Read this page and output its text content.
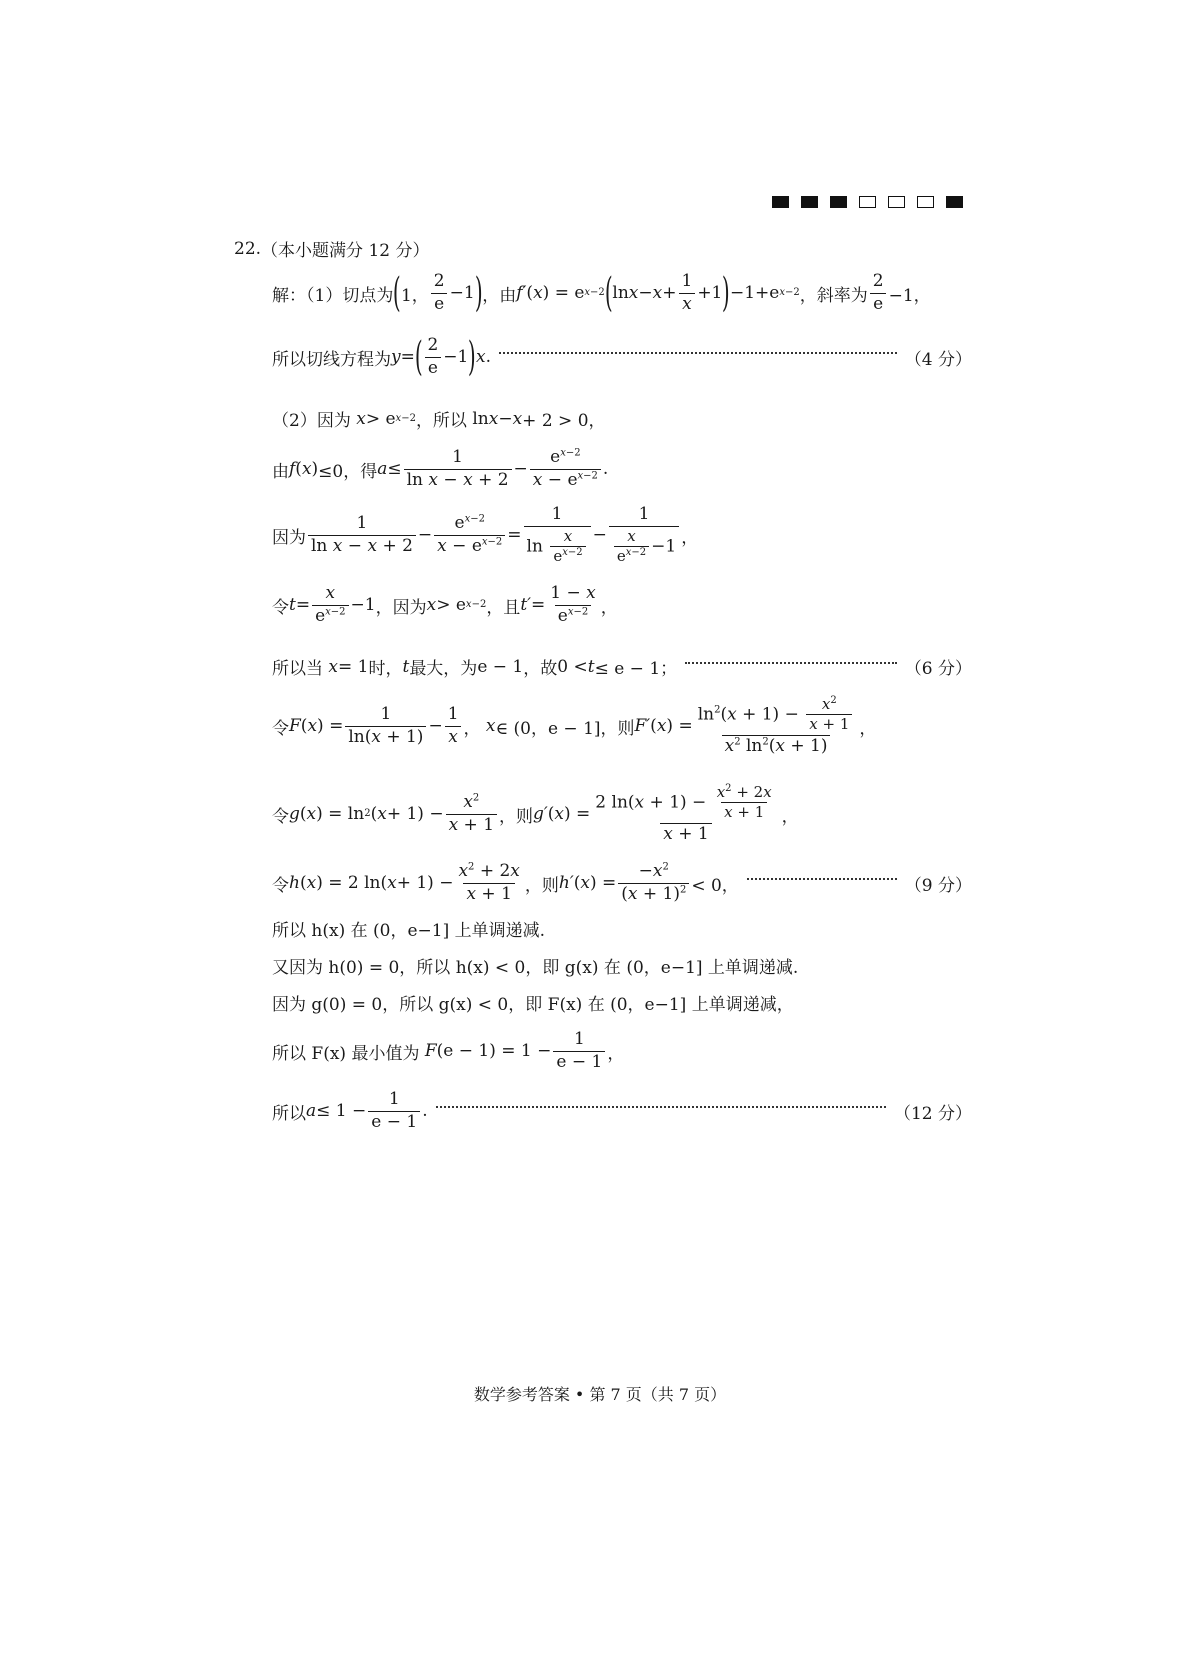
22. （本小题满分 12 分）
解：（1）切点为 ( 1， $\frac{2}{e} -1$ ) ，由 f′ ( x ) = e x−2 ( $\ln x - x + \frac{1}{x} +1$ ) −1+e x−2 ，斜率为 $\frac{2}{e} -1$，
所以切线方程为 y = ( $\frac{2}{e} -1$ ) x .	（4 分）
（2）因为
x > e x−2 ，所以 ln x − x + 2 > 0，
由 f ( x ) ≤0，得 $a \le \frac{1}{\text{ln x − x + 2}} - \frac{e^{x-2}}{x - e^{x-2}}$ .
因为 $\frac{1}{\text{ln x − x + 2}} - \frac{e^{x-2}}{x - e^{x-2}} = \frac{1}{\ln \frac{x}{e^{x-2}}} - \frac{1}{\frac{x}{e^{x-2}} -1}$ ，
令 $t = \frac{x}{e^{x-2}} -1$ ，因为 x > e x−2 ，且 $t' = \frac{1 - x}{e^{x-2}}$ ，
所以当
x = 1 时， t 最大，为 e − 1 ，故 0 < t ≤ e − 1；	（6 分）
令 F ( x ) = $\frac{1}{\ln(x + 1)} - \frac{1}{x}$ ， x ∈ (0，e − 1] ，则 F′ ( x ) = $\frac{\ln^2(x + 1) - \frac{x^2}{x + 1}}{x^2 \ln^2(x + 1)}$ ，
令 g ( x ) = ln 2 ( $x + 1) - \frac{x^2}{x + 1}$ ，则 g′ ( x ) = $\frac{2 \ln(x + 1) - \frac{x^2 + 2x}{x + 1}}{x + 1}$ ，
令 h ( x ) = 2 ln( $x + 1) - \frac{x^2 + 2x}{x + 1}$ ，则 h′ ( x ) = $\frac{-x^2}{(x + 1)^2} < 0$，	（9 分）
所以 h(x) 在 (0，e−1] 上单调递减.
又因为 h(0) = 0，所以 h(x) < 0，即 g(x) 在 (0，e−1] 上单调递减.
因为 g(0) = 0，所以 g(x) < 0，即 F(x) 在 (0，e−1] 上单调递减，
所以 F(x) 最小值为
F $(e - 1) = 1 - \frac{1}{e - 1}$ ，
所以 $a \le 1 - \frac{1}{e - 1}$ .	（12 分）
数学参考答案 • 第 7 页（共 7 页）
